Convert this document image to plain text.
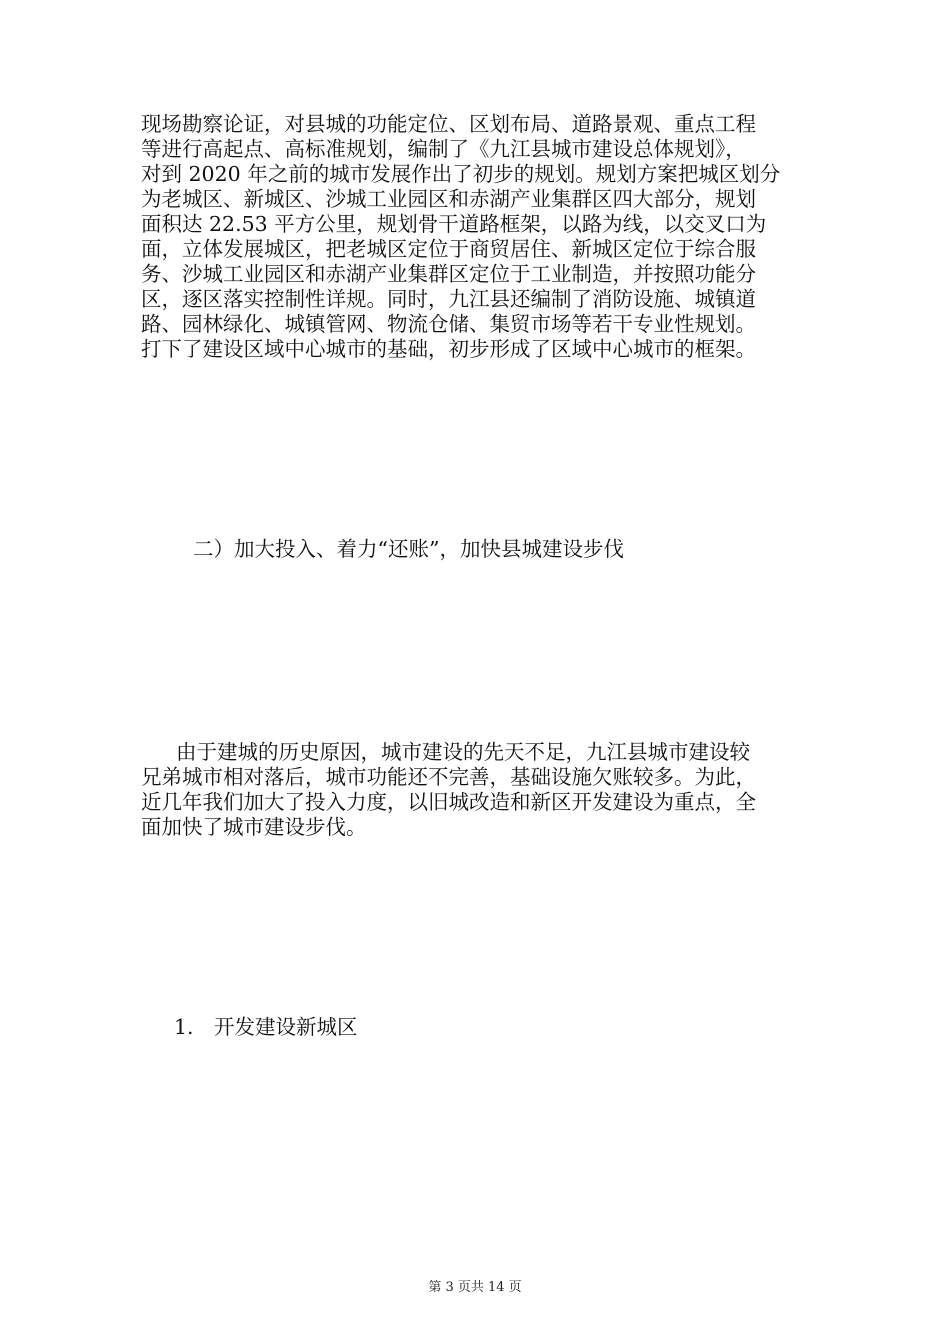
现场勘察论证，对县城的功能定位、区划布局、道路景观、重点工程
等进行高起点、高标准规划，编制了《九江县城市建设总体规划》，
对到 2020 年之前的城市发展作出了初步的规划。规划方案把城区划分
为老城区、新城区、沙城工业园区和赤湖产业集群区四大部分，规划
面积达 22.53 平方公里，规划骨干道路框架，以路为线，以交叉口为
面，立体发展城区，把老城区定位于商贸居住、新城区定位于综合服
务、沙城工业园区和赤湖产业集群区定位于工业制造，并按照功能分
区，逐区落实控制性详规。同时，九江县还编制了消防设施、城镇道
路、园林绿化、城镇管网、物流仓储、集贸市场等若干专业性规划。
打下了建设区域中心城市的基础，初步形成了区域中心城市的框架。
二）加大投入、着力“还账”，加快县城建设步伐
由于建城的历史原因，城市建设的先天不足，九江县城市建设较
兄弟城市相对落后，城市功能还不完善，基础设施欠账较多。为此，
近几年我们加大了投入力度，以旧城改造和新区开发建设为重点，全
面加快了城市建设步伐。
1. 开发建设新城区
第 3 页共 14 页
